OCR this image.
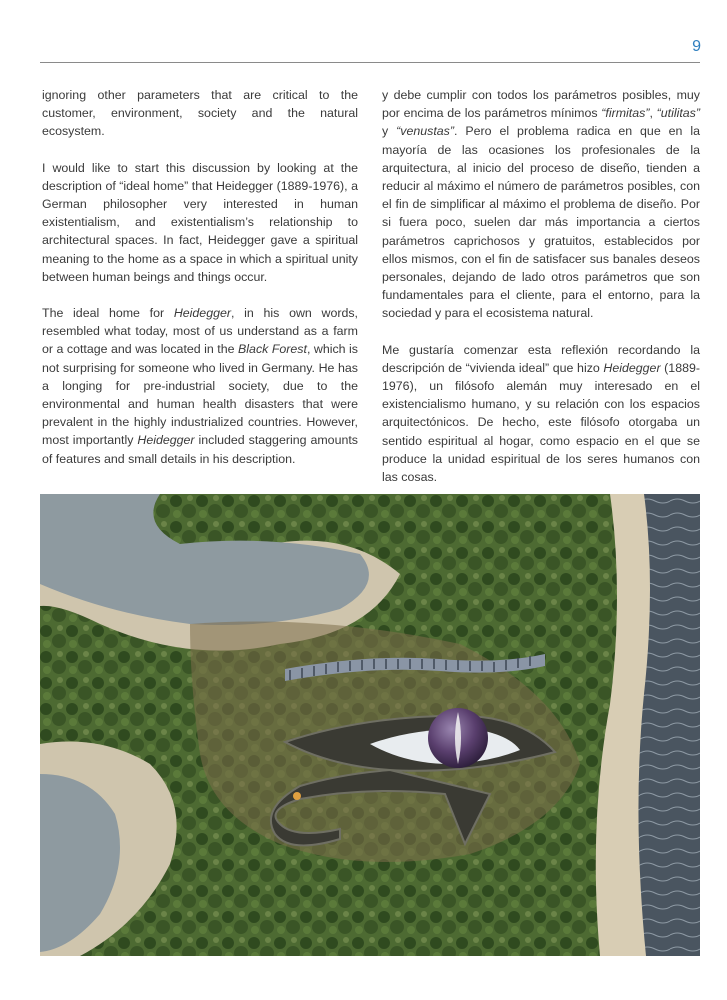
9

ignoring other parameters that are critical to the customer, environment, society and the natural ecosystem.

I would like to start this discussion by looking at the description of “ideal home” that Heidegger (1889-1976), a German philosopher very interested in human existentialism, and existentialism’s relationship to architectural spaces. In fact, Heidegger gave a spiritual meaning to the home as a space in which a spiritual unity between human beings and things occur.

The ideal home for Heidegger, in his own words, resembled what today, most of us understand as a farm or a cottage and was located in the Black Forest, which is not surprising for someone who lived in Germany. He has a longing for pre-industrial society, due to the environmental and human health disasters that were prevalent in the highly industrialized countries. However, most importantly Heidegger included staggering amounts of features and small details in his description.

y debe cumplir con todos los parámetros posibles, muy por encima de los parámetros mínimos “firmitas”, “utilitas” y “venustas”. Pero el problema radica en que en la mayoría de las ocasiones los profesionales de la arquitectura, al inicio del proceso de diseño, tienden a reducir al máximo el número de parámetros posibles, con el fin de simplificar al máximo el problema de diseño. Por si fuera poco, suelen dar más importancia a ciertos parámetros caprichosos y gratuitos, establecidos por ellos mismos, con el fin de satisfacer sus banales deseos personales, dejando de lado otros parámetros que son fundamentales para el cliente, para el entorno, para la sociedad y para el ecosistema natural.

Me gustaría comenzar esta reflexión recordando la descripción de “vivienda ideal” que hizo Heidegger (1889-1976), un filósofo alemán muy interesado en el existencialismo humano, y su relación con los espacios arquitectónicos. De hecho, este filósofo otorgaba un sentido espiritual al hogar, como espacio en el que se produce la unidad espiritual de los seres humanos con las cosas.
